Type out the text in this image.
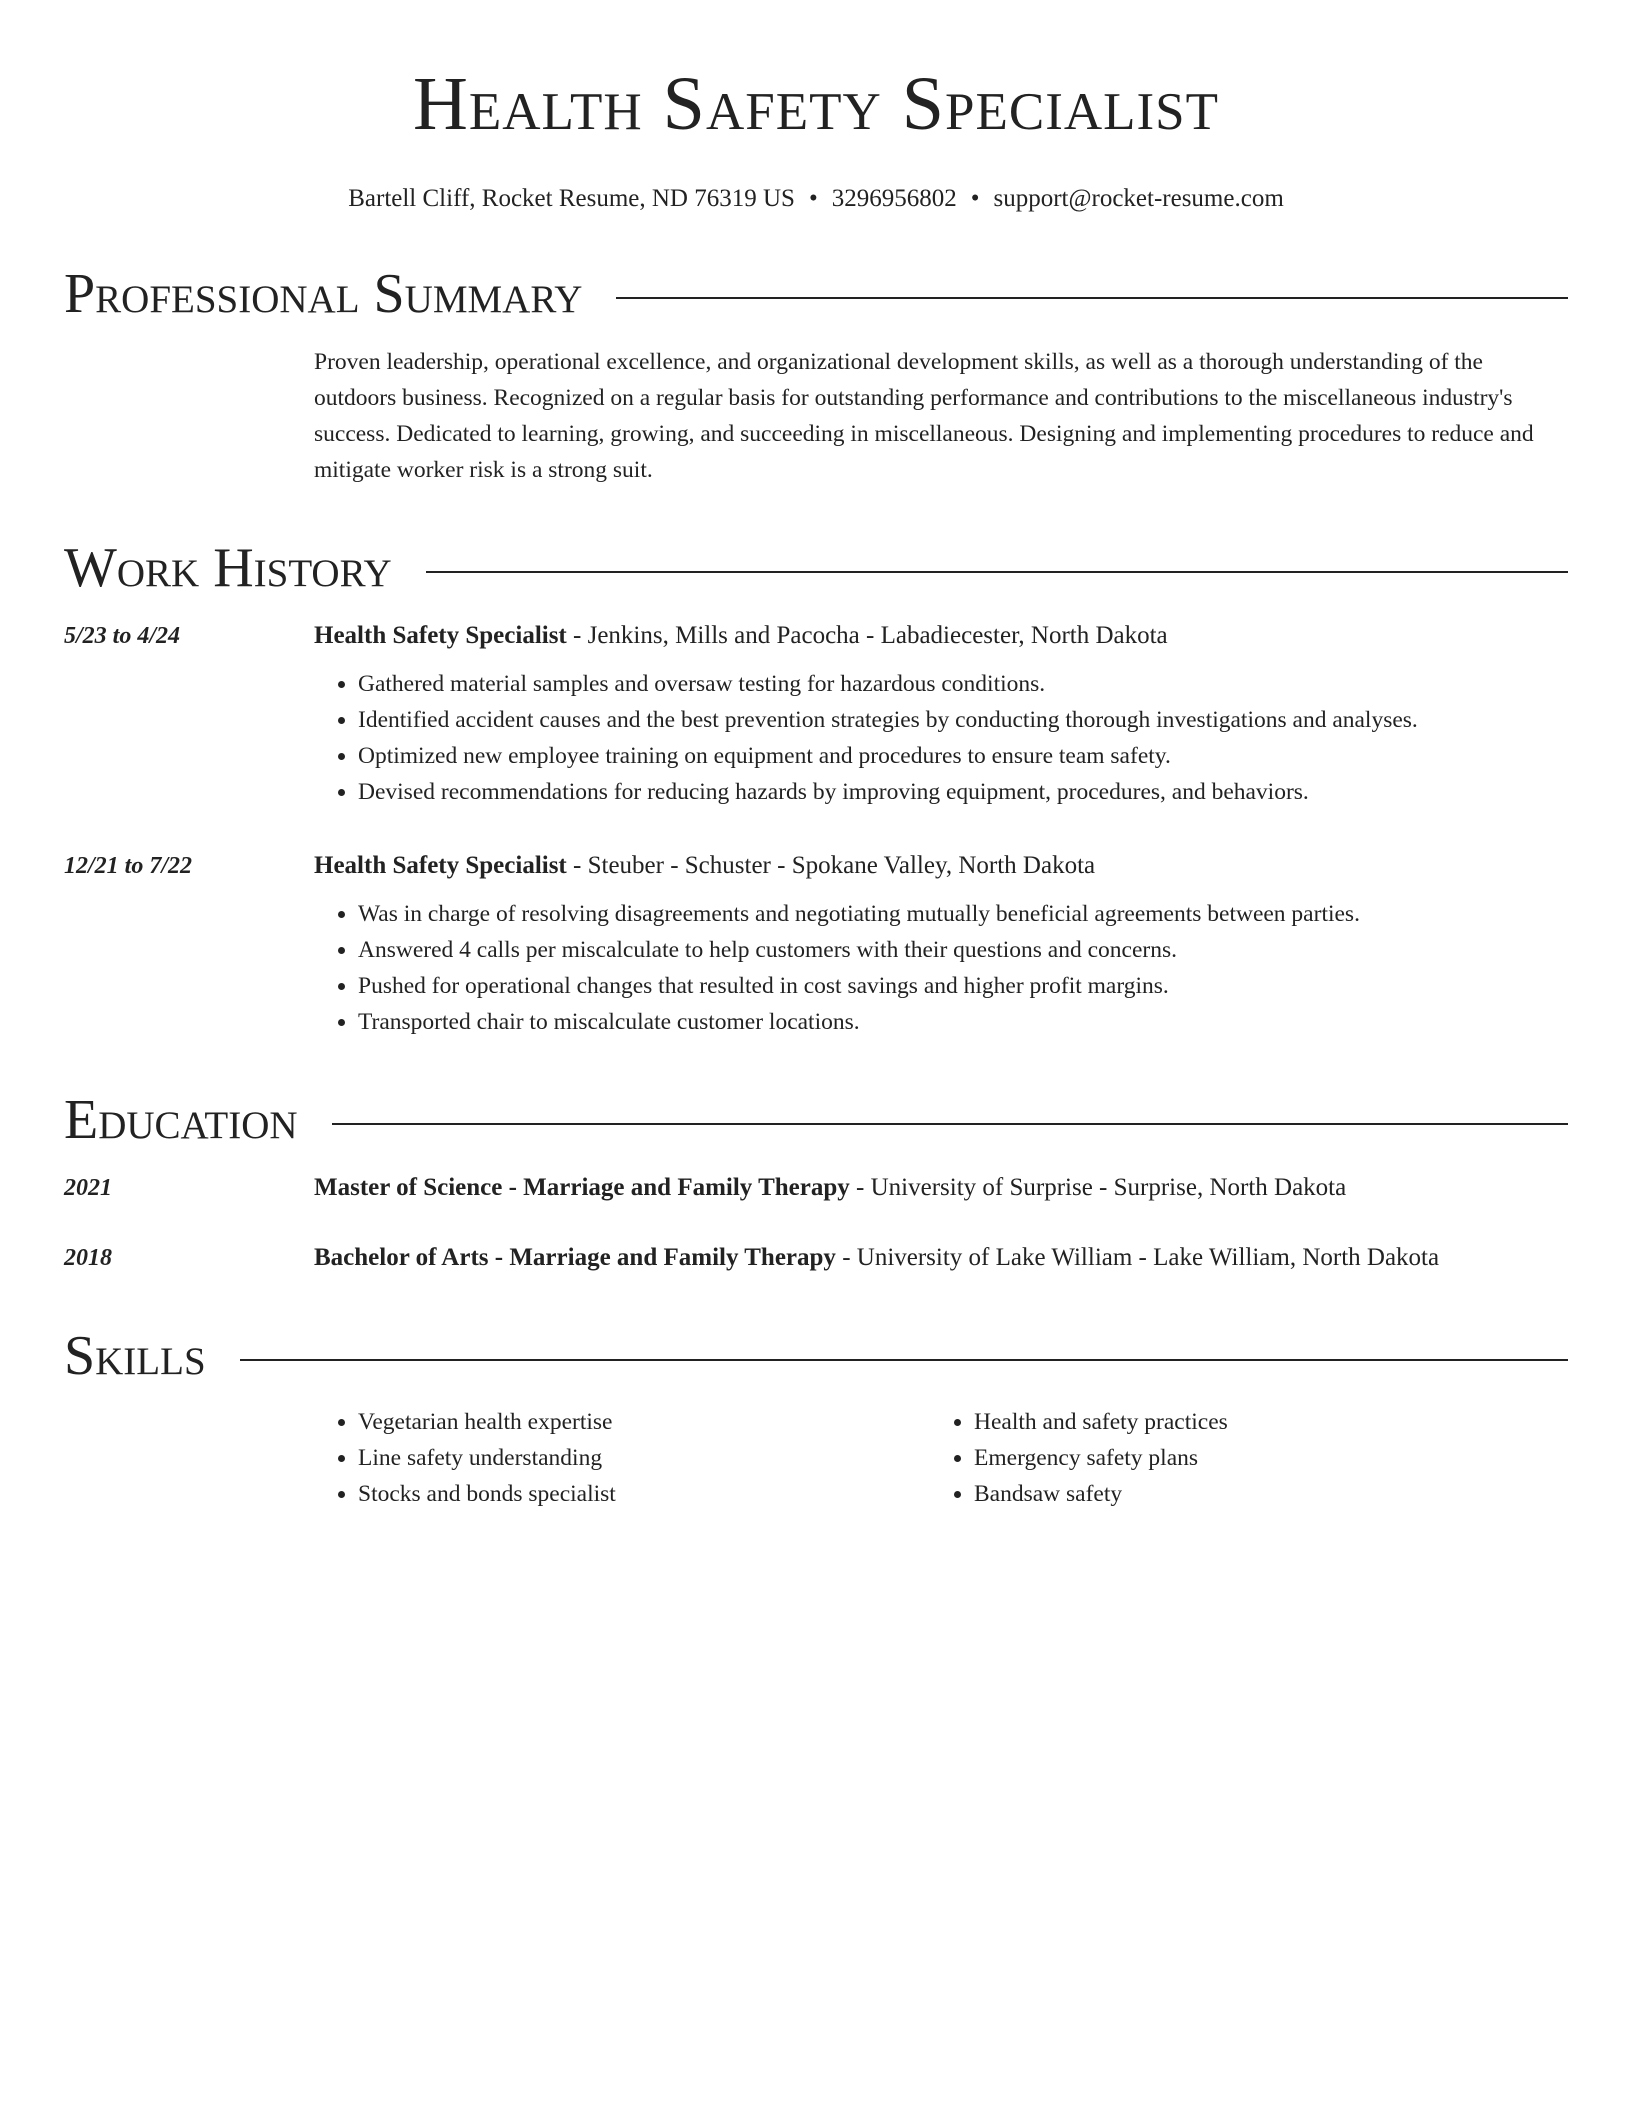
Health Safety Specialist
Bartell Cliff, Rocket Resume, ND 76319 US • 3296956802 • support@rocket-resume.com
Professional Summary
Proven leadership, operational excellence, and organizational development skills, as well as a thorough understanding of the outdoors business. Recognized on a regular basis for outstanding performance and contributions to the miscellaneous industry's success. Dedicated to learning, growing, and succeeding in miscellaneous. Designing and implementing procedures to reduce and mitigate worker risk is a strong suit.
Work History
5/23 to 4/24	Health Safety Specialist - Jenkins, Mills and Pacocha - Labadiecester, North Dakota
• Gathered material samples and oversaw testing for hazardous conditions.
• Identified accident causes and the best prevention strategies by conducting thorough investigations and analyses.
• Optimized new employee training on equipment and procedures to ensure team safety.
• Devised recommendations for reducing hazards by improving equipment, procedures, and behaviors.
12/21 to 7/22	Health Safety Specialist - Steuber - Schuster - Spokane Valley, North Dakota
• Was in charge of resolving disagreements and negotiating mutually beneficial agreements between parties.
• Answered 4 calls per miscalculate to help customers with their questions and concerns.
• Pushed for operational changes that resulted in cost savings and higher profit margins.
• Transported chair to miscalculate customer locations.
Education
2021	Master of Science - Marriage and Family Therapy - University of Surprise - Surprise, North Dakota
2018	Bachelor of Arts - Marriage and Family Therapy - University of Lake William - Lake William, North Dakota
Skills
• Vegetarian health expertise
• Line safety understanding
• Stocks and bonds specialist
• Health and safety practices
• Emergency safety plans
• Bandsaw safety
